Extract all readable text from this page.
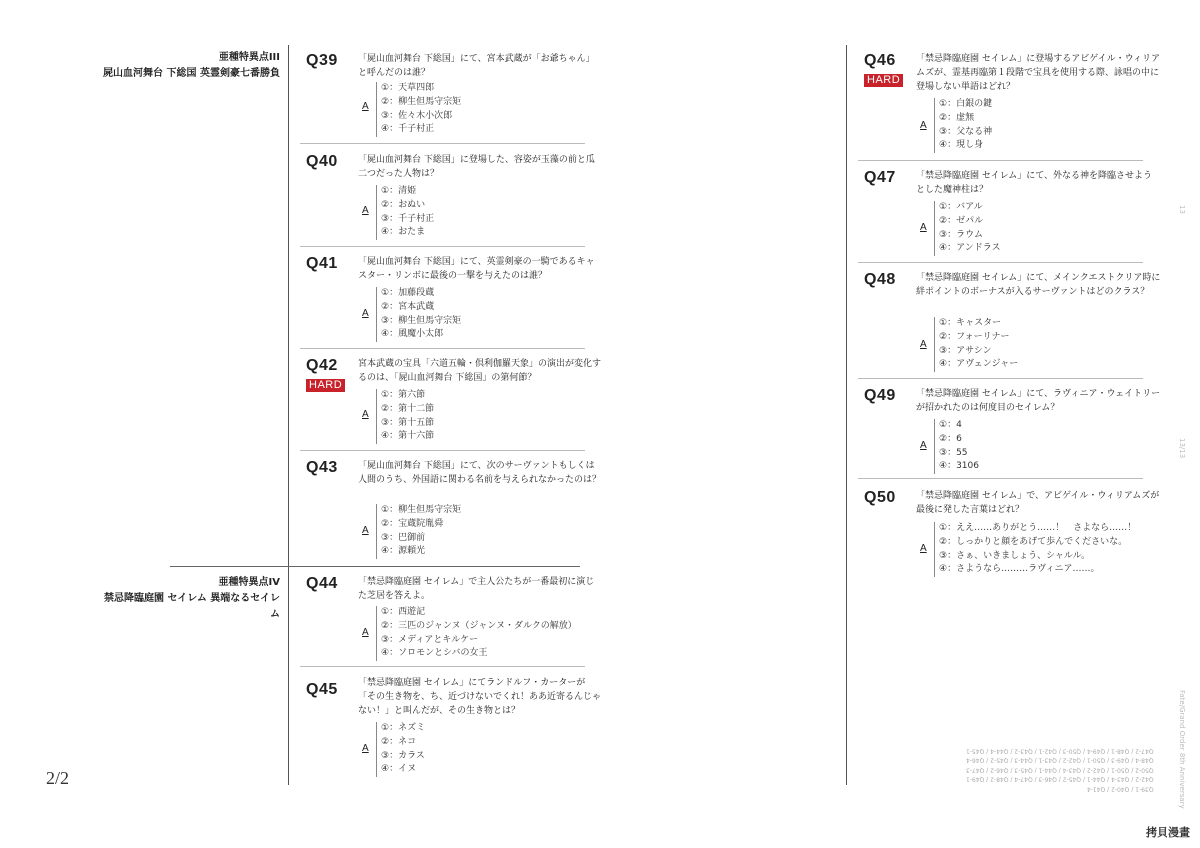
亜種特異点III
屍山血河舞台 下総国 英霊剣豪七番勝負
亜種特異点IV
禁忌降臨庭園 セイレム 異端なるセイレム
Q39 「屍山血河舞台 下総国」にて、宮本武蔵が「お爺ちゃん」と呼んだのは誰？
A
①：天草四郎
②：柳生但馬守宗矩
③：佐々木小次郎
④：千子村正
Q40 「屍山血河舞台 下総国」に登場した、容姿が玉藻の前と瓜二つだった人物は？
A
①：清姫
②：おぬい
③：千子村正
④：おたま
Q41 「屍山血河舞台 下総国」にて、英霊剣豪の一騎であるキャスター・リンボに最後の一撃を与えたのは誰？
A
①：加藤段蔵
②：宮本武蔵
③：柳生但馬守宗矩
④：風魔小太郎
Q42
HARD
宮本武蔵の宝具「六道五輪・倶利伽羅天象」の演出が変化するのは、「屍山血河舞台 下総国」の第何節？
A
①：第六節
②：第十二節
③：第十五節
④：第十六節
Q43 「屍山血河舞台 下総国」にて、次のサーヴァントもしくは人間のうち、外国語に関わる名前を与えられなかったのは？
A
①：柳生但馬守宗矩
②：宝蔵院胤舜
③：巴御前
④：源頼光
Q44 「禁忌降臨庭園 セイレム」で主人公たちが一番最初に演じた芝居を答えよ。
A
①：西遊記
②：三匹のジャンヌ（ジャンヌ・ダルクの解放）
③：メディアとキルケー
④：ソロモンとシバの女王
Q45 「禁忌降臨庭園 セイレム」にてランドルフ・カーターが「その生き物を、ち、近づけないでくれ！ああ近寄るんじゃない！」と叫んだが、その生き物とは？
A
①：ネズミ
②：ネコ
③：カラス
④：イヌ
Q46
HARD
「禁忌降臨庭園 セイレム」に登場するアビゲイル・ウィリアムズが、霊基再臨第１段階で宝具を使用する際、詠唱の中に登場しない単語はどれ？
A
①：白銀の鍵
②：虚無
③：父なる神
④：現し身
Q47 「禁忌降臨庭園 セイレム」にて、外なる神を降臨させようとした魔神柱は？
A
①：バアル
②：ゼパル
③：ラウム
④：アンドラス
Q48 「禁忌降臨庭園 セイレム」にて、メインクエストクリア時に絆ポイントのボーナスが入るサーヴァントはどのクラス？
A
①：キャスター
②：フォーリナー
③：アサシン
④：アヴェンジャー
Q49 「禁忌降臨庭園 セイレム」にて、ラヴィニア・ウェイトリーが招かれたのは何度目のセイレム？
A
①：4
②：6
③：55
④：3106
Q50 「禁忌降臨庭園 セイレム」で、アビゲイル・ウィリアムズが最後に発した言葉はどれ？
A
①：ええ……ありがとう……！　さよなら……！
②：しっかりと顔をあげて歩んでくださいな。
③：さぁ、いきましょう、シャルル。
④：さようなら………ラヴィニア……。
2/2
Q39-1 / Q40-2 / Q41-4
Q42-2 / Q43-4 / Q44-1 / Q45-2 / Q46-3 / Q47-4 / Q48-2 / Q49-1
Q50-2 / Q50-1 / Q42-2 / Q43-4 / Q44-1 / Q45-3 / Q46-2 / Q47-3
Q48-4 / Q49-3 / Q50-1 / Q42-2 / Q43-1 / Q44-3 / Q45-2 / Q46-4
Q47-2 / Q48-1 / Q49-4 / Q50-3 / Q42-1 / Q43-2 / Q44-4 / Q45-1
13
13/13
Fate/Grand Order 8th Anniversary
拷貝漫畫
